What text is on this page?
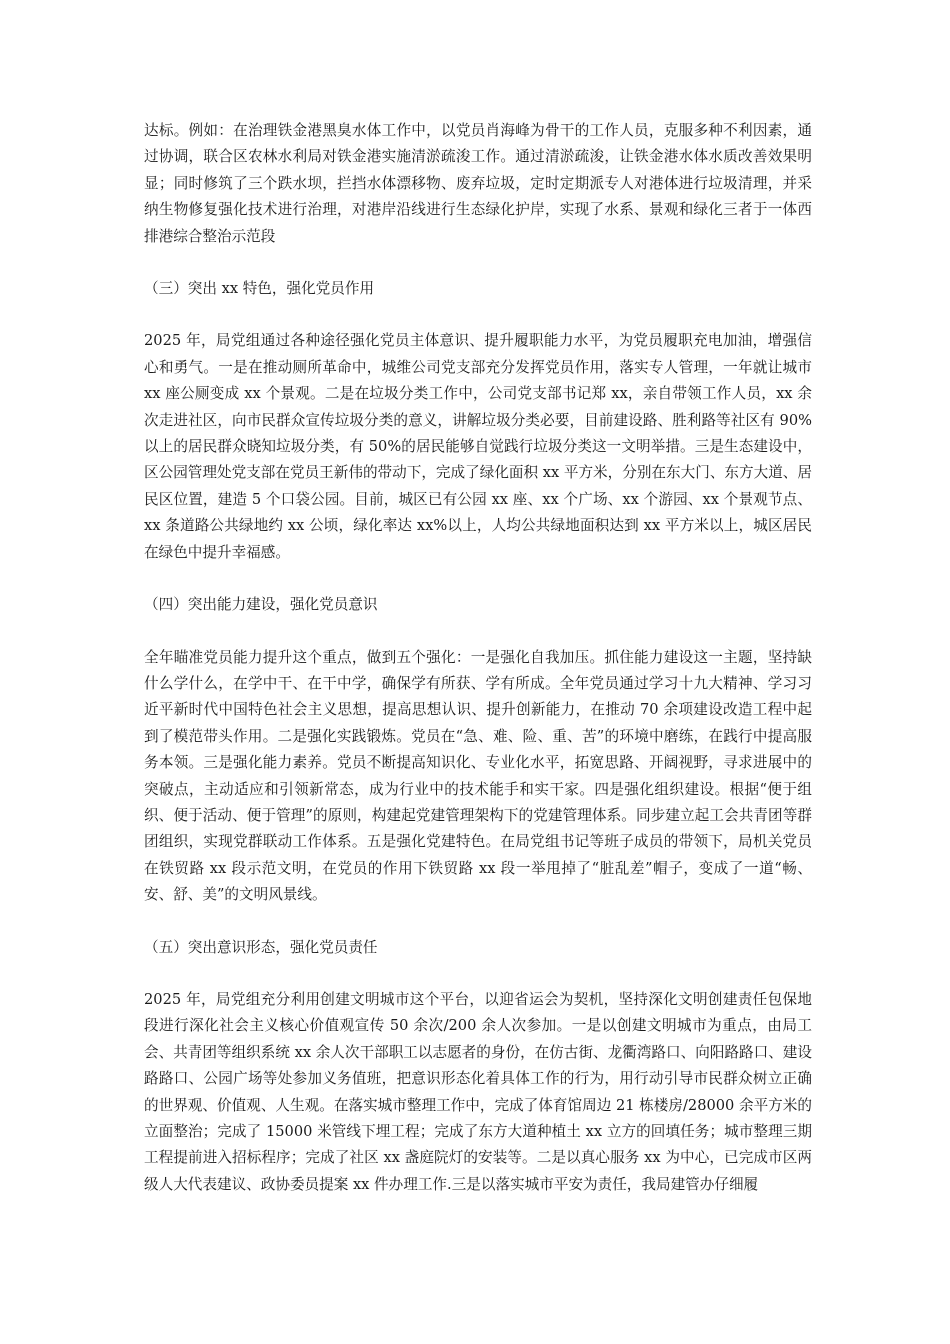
达标。例如：在治理铁金港黑臭水体工作中，以党员肖海峰为骨干的工作人员，克服多种不利因素，通过协调，联合区农林水利局对铁金港实施清淤疏浚工作。通过清淤疏浚，让铁金港水体水质改善效果明显；同时修筑了三个跌水坝，拦挡水体漂移物、废弃垃圾，定时定期派专人对港体进行垃圾清理，并采纳生物修复强化技术进行治理，对港岸沿线进行生态绿化护岸，实现了水系、景观和绿化三者于一体西排港综合整治示范段

（三）突出 xx 特色，强化党员作用

2025 年，局党组通过各种途径强化党员主体意识、提升履职能力水平，为党员履职充电加油，增强信心和勇气。一是在推动厕所革命中，城维公司党支部充分发挥党员作用，落实专人管理，一年就让城市 xx 座公厕变成 xx 个景观。二是在垃圾分类工作中，公司党支部书记郑 xx，亲自带领工作人员，xx 余次走进社区，向市民群众宣传垃圾分类的意义，讲解垃圾分类必要，目前建设路、胜利路等社区有 90%以上的居民群众晓知垃圾分类，有 50%的居民能够自觉践行垃圾分类这一文明举措。三是生态建设中，区公园管理处党支部在党员王新伟的带动下，完成了绿化面积 xx 平方米，分别在东大门、东方大道、居民区位置，建造 5 个口袋公园。目前，城区已有公园 xx 座、xx 个广场、xx 个游园、xx 个景观节点、xx 条道路公共绿地约 xx 公顷，绿化率达 xx%以上，人均公共绿地面积达到 xx 平方米以上，城区居民在绿色中提升幸福感。

（四）突出能力建设，强化党员意识

全年瞄准党员能力提升这个重点，做到五个强化：一是强化自我加压。抓住能力建设这一主题，坚持缺什么学什么，在学中干、在干中学，确保学有所获、学有所成。全年党员通过学习十九大精神、学习习近平新时代中国特色社会主义思想，提高思想认识、提升创新能力，在推动 70 余项建设改造工程中起到了模范带头作用。二是强化实践锻炼。党员在“急、难、险、重、苦”的环境中磨练，在践行中提高服务本领。三是强化能力素养。党员不断提高知识化、专业化水平，拓宽思路、开阔视野，寻求进展中的突破点，主动适应和引领新常态，成为行业中的技术能手和实干家。四是强化组织建设。根据“便于组织、便于活动、便于管理”的原则，构建起党建管理架构下的党建管理体系。同步建立起工会共青团等群团组织，实现党群联动工作体系。五是强化党建特色。在局党组书记等班子成员的带领下，局机关党员在铁贸路 xx 段示范文明，在党员的作用下铁贸路 xx 段一举甩掉了“脏乱差”帽子，变成了一道“畅、安、舒、美”的文明风景线。

（五）突出意识形态，强化党员责任

2025 年，局党组充分利用创建文明城市这个平台，以迎省运会为契机，坚持深化文明创建责任包保地段进行深化社会主义核心价值观宣传 50 余次/200 余人次参加。一是以创建文明城市为重点，由局工会、共青团等组织系统 xx 余人次干部职工以志愿者的身份，在仿古街、龙衢湾路口、向阳路路口、建设路路口、公园广场等处参加义务值班，把意识形态化着具体工作的行为，用行动引导市民群众树立正确的世界观、价值观、人生观。在落实城市整理工作中，完成了体育馆周边 21 栋楼房/28000 余平方米的立面整治；完成了 15000 米管线下埋工程；完成了东方大道种植土 xx 立方的回填任务；城市整理三期工程提前进入招标程序；完成了社区 xx 盏庭院灯的安装等。二是以真心服务 xx 为中心，已完成市区两级人大代表建议、政协委员提案 xx 件办理工作.三是以落实城市平安为责任，我局建管办仔细履
